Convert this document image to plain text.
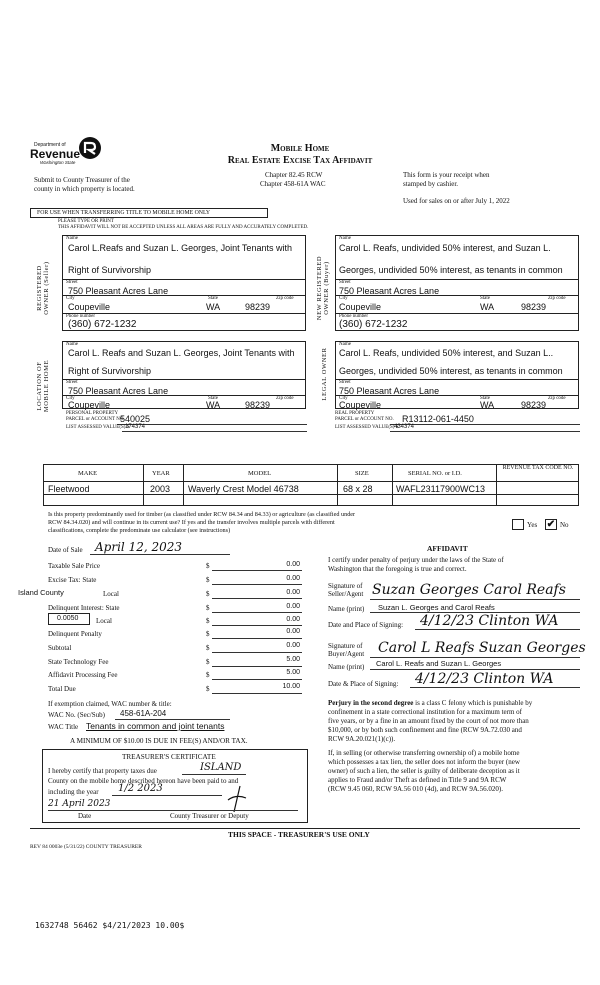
Department of
Revenue
Washington State
Mobile Home
Real Estate Excise Tax Affidavit
Chapter 82.45 RCW
Chapter 458-61A WAC
Submit to County Treasurer of the
county in which property is located.
This form is your receipt when
stamped by cashier.
Used for sales on or after July 1, 2022
FOR USE WHEN TRANSFERRING TITLE TO MOBILE HOME ONLY
PLEASE TYPE OR PRINT
THIS AFFIDAVIT WILL NOT BE ACCEPTED UNLESS ALL AREAS ARE FULLY AND ACCURATELY COMPLETED.
REGISTERED OWNER (Seller)
Name
Carol L.Reafs and Suzan L. Georges, Joint Tenants with
Right of Survivorship
Street
750 Pleasant Acres Lane
City	State	Zip code
Coupeville	WA	98239
Phone number
(360) 672-1232
NEW REGISTERED OWNER (Buyer)
Name
Carol L. Reafs, undivided 50% interest, and Suzan L.
Georges, undivided 50% interest, as tenants in common
Street
750 Pleasant Acres Lane
City	State	Zip code
Coupeville	WA	98239
Phone number
(360) 672-1232
LOCATION OF MOBILE HOME
Name
Carol L. Reafs and Suzan L. Georges, Joint Tenants with
Right of Survivorship
Street
750 Pleasant Acres Lane
City	State	Zip code
Coupeville	WA	98239
PERSONAL PROPERTY
PARCEL or ACCOUNT NO.
540025
LIST ASSESSED VALUE(S) $
174374
LEGAL OWNER
Name
Carol L. Reafs, undivided 50% interest, and Suzan L..
Georges, undivided 50% interest, as tenants in common
Street
750 Pleasant Acres Lane
City	State	Zip code
Coupeville	WA	98239
REAL PROPERTY
PARCEL or ACCOUNT NO. R13112-061-4450
LIST ASSESSED VALUE(S) $
434374
MAKE	YEAR	MODEL	SIZE	SERIAL NO. or I.D.
REVENUE TAX CODE NO.
Fleetwood	2003 Waverly Crest Model 46738	68 x 28	WAFL23117900WC13
Is this property predominantly used for timber (as classified under RCW 84.34 and 84.33) or agriculture (as classified under
RCW 84.34.020) and will continue in its current use? If yes and the transfer involves multiple parcels with different
classifications, complete the predominate use calculator (see instructions)
Yes ✔ No
Date of Sale April 12, 2023
Taxable Sale Price	$	0.00
Excise Tax: State	$	0.00
Island County	Local	$	0.00
Delinquent Interest: State	$	0.00
0.0050	Local	$	0.00
Delinquent Penalty	$	0.00
Subtotal	$	0.00
State Technology Fee	$	5.00
Affidavit Processing Fee	$	5.00
Total Due	$	10.00
If exemption claimed, WAC number & title:
WAC No. (Sec/Sub) 458-61A-204
WAC Title Tenants in common and joint tenants
A MINIMUM OF $10.00 IS DUE IN FEE(S) AND/OR TAX.
TREASURER'S CERTIFICATE
I hereby certify that property taxes due	ISLAND
County on the mobile home described hereon have been paid to and
including the year 1/2 2023
21 April 2023
Date	County Treasurer or Deputy
AFFIDAVIT
I certify under penalty of perjury under the laws of the State of
Washington that the foregoing is true and correct.
Signature of
Seller/Agent Suzan Georges Carol Reafs
Name (print) Suzan L. Georges and Carol Reafs
Date and Place of Signing: 4/12/23 Clinton WA
Signature of
Buyer/Agent Carol L Reafs Suzan Georges
Name (print) Carol L. Reafs and Suzan L. Georges
Date & Place of Signing: 4/12/23 Clinton WA
Perjury in the second degree is a class C felony which is punishable by
confinement in a state correctional institution for a maximum term of
five years, or by a fine in an amount fixed by the court of not more than
$10,000, or by both such confinement and fine (RCW 9A.72.030 and
RCW 9A.20.021(1)(c)).
If, in selling (or otherwise transferring ownership of) a mobile home
which possesses a tax lien, the seller does not inform the buyer (new
owner) of such a lien, the seller is guilty of deliberate deception as it
applies to Fraud and/or Theft as defined in Title 9 and 9A RCW
(RCW 9.45 060, RCW 9A.56 010 (4d), and RCW 9A.56.020).
THIS SPACE - TREASURER'S USE ONLY
REV 84 0003e (5/31/22) COUNTY TREASURER
1632748 56462 $4/21/2023 10.00$
